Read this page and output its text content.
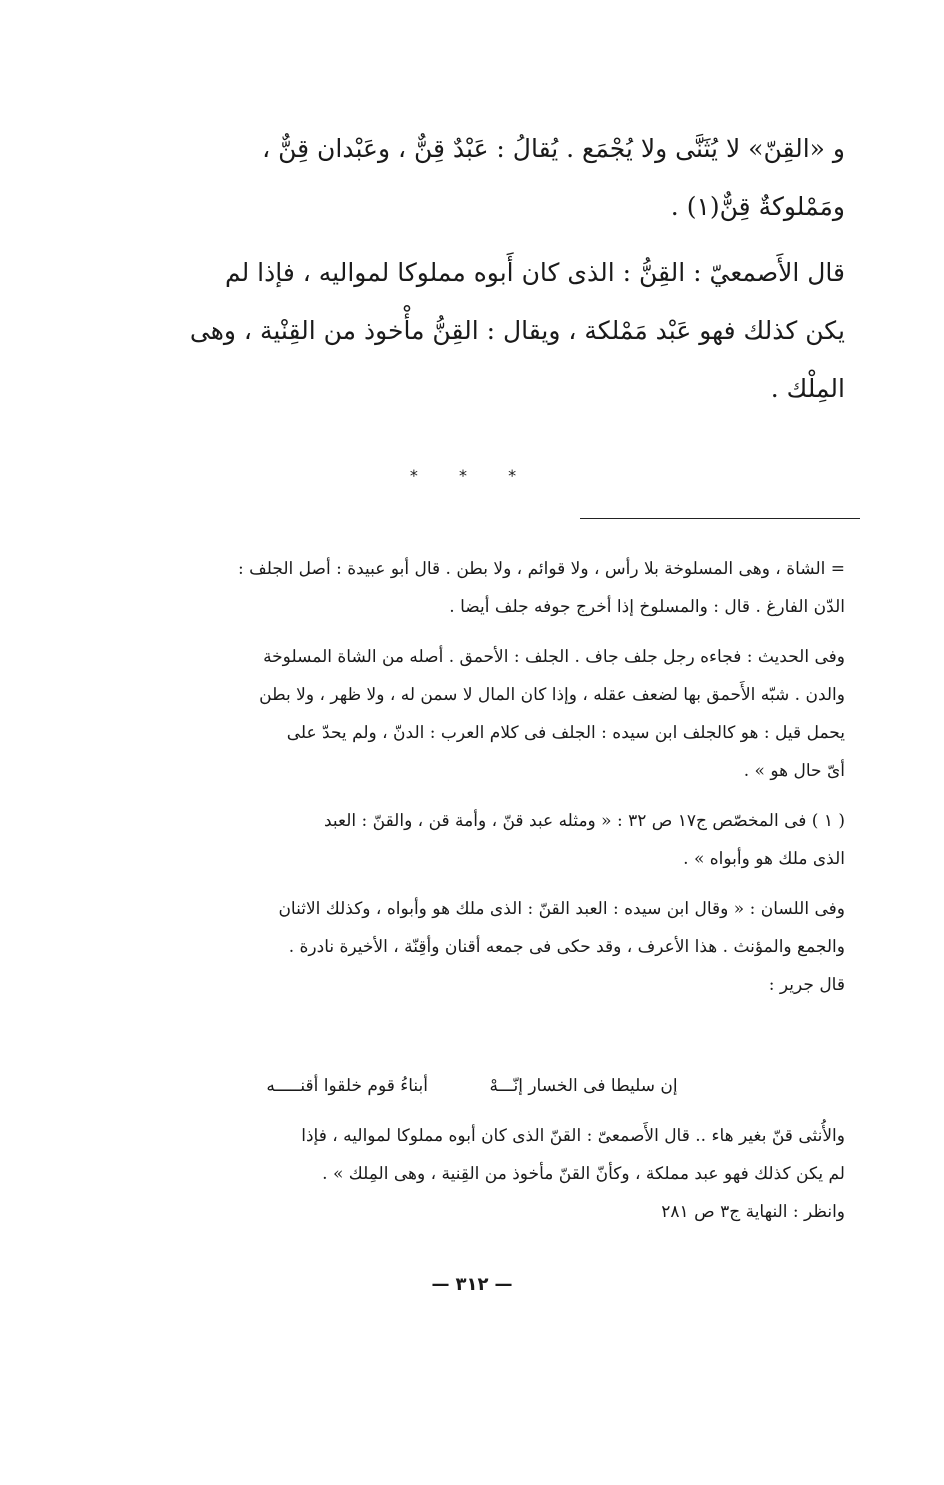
و «القِنّ» لا يُثَنَّى ولا يُجْمَع . يُقالُ : عَبْدٌ قِنٌّ ، وعَبْدان قِنٌّ ،
ومَمْلوكةٌ قِنٌّ(١) .

قال الأَصمعيّ : القِنُّ : الذى كان أَبوه مملوكا لمواليه ، فإذا لم
يكن كذلك فهو عَبْد مَمْلكة ، ويقال : القِنُّ مأْخوذ من القِنْية ، وهى
المِلْك .

* * *

= الشاة ، وهى المسلوخة بلا رأس ، ولا قوائم ، ولا بطن . قال أبو عبيدة : أصل الجلف :
الدّن الفارغ . قال : والمسلوخ إذا أخرج جوفه جلف أيضا .

وفى الحديث : فجاءه رجل جلف جاف . الجلف : الأحمق . أصله من الشاة المسلوخة
والدن . شبّه الأَحمق بها لضعف عقله ، وإذا كان المال لا سمن له ، ولا ظهر ، ولا بطن
يحمل قيل : هو كالجلف ابن سيده : الجلف فى كلام العرب : الدنّ ، ولم يحدّ على
أىّ حال هو » .

( ١ ) فى المخصّص ج١٧ ص ٣٢ : « ومثله عبد قنّ ، وأمة قن ، والقنّ : العبد
الذى ملك هو وأبواه » .

وفى اللسان : « وقال ابن سيده : العبد القنّ : الذى ملك هو وأبواه ، وكذلك الاثنان
والجمع والمؤنث . هذا الأعرف ، وقد حكى فى جمعه أقنان وأقِنّة ، الأخيرة نادرة .
قال جرير :

إن سليطا فى الخسار إنّـــهْ أبناءُ قوم خلقوا أقنـــــه

والأُنثى قنّ بغير هاء .. قال الأَصمعىّ : القنّ الذى كان أبوه مملوكا لمواليه ، فإذا
لم يكن كذلك فهو عبد مملكة ، وكأنّ القنّ مأخوذ من القِنية ، وهى المِلك » .
وانظر : النهاية ج٣ ص ٢٨١

— ٣١٢ —
